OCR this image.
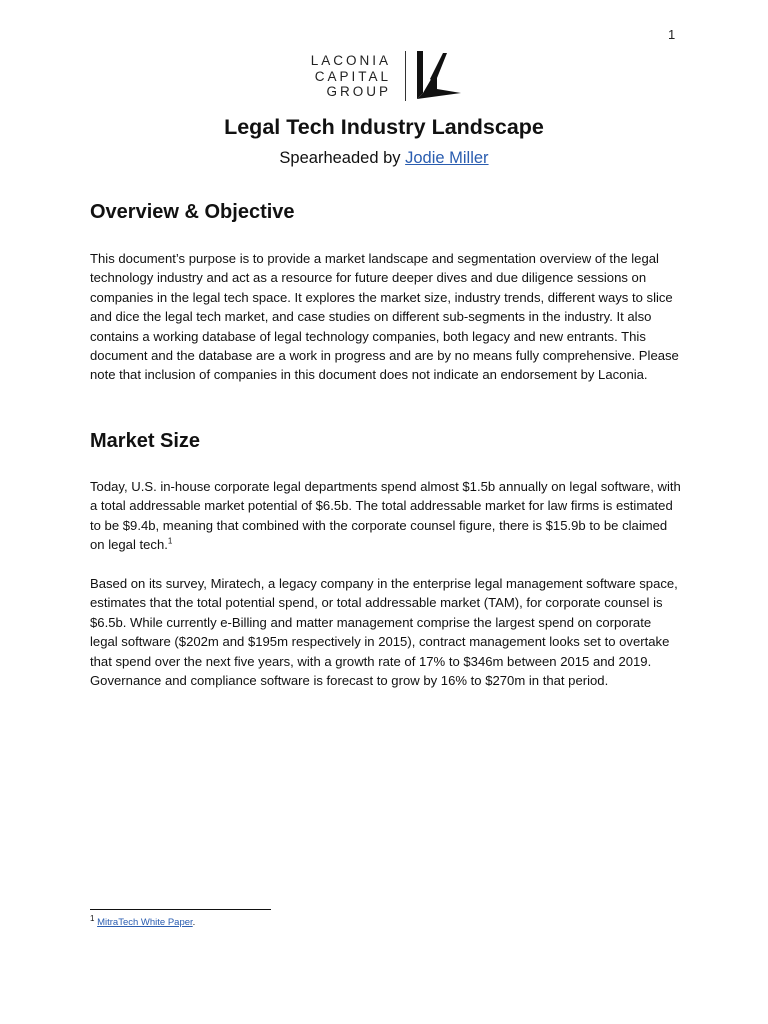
1
LACONIA
CAPITAL
GROUP
Legal Tech Industry Landscape
Spearheaded by Jodie Miller
Overview & Objective

This document’s purpose is to provide a market landscape and segmentation overview of the legal technology industry and act as a resource for future deeper dives and due diligence sessions on companies in the legal tech space. It explores the market size, industry trends, different ways to slice and dice the legal tech market, and case studies on different sub-segments in the industry. It also contains a working database of legal technology companies, both legacy and new entrants. This document and the database are a work in progress and are by no means fully comprehensive. Please note that inclusion of companies in this document does not indicate an endorsement by Laconia.

Market Size

Today, U.S. in-house corporate legal departments spend almost $1.5b annually on legal software, with a total addressable market potential of $6.5b. The total addressable market for law firms is estimated to be $9.4b, meaning that combined with the corporate counsel figure, there is $15.9b to be claimed on legal tech.$^1$

Based on its survey, Miratech, a legacy company in the enterprise legal management software space, estimates that the total potential spend, or total addressable market (TAM), for corporate counsel is $6.5b. While currently e-Billing and matter management comprise the largest spend on corporate legal software ($202m and $195m respectively in 2015), contract management looks set to overtake that spend over the next five years, with a growth rate of 17% to $346m between 2015 and 2019. Governance and compliance software is forecast to grow by 16% to $270m in that period.

$^1$ MitraTech White Paper.
